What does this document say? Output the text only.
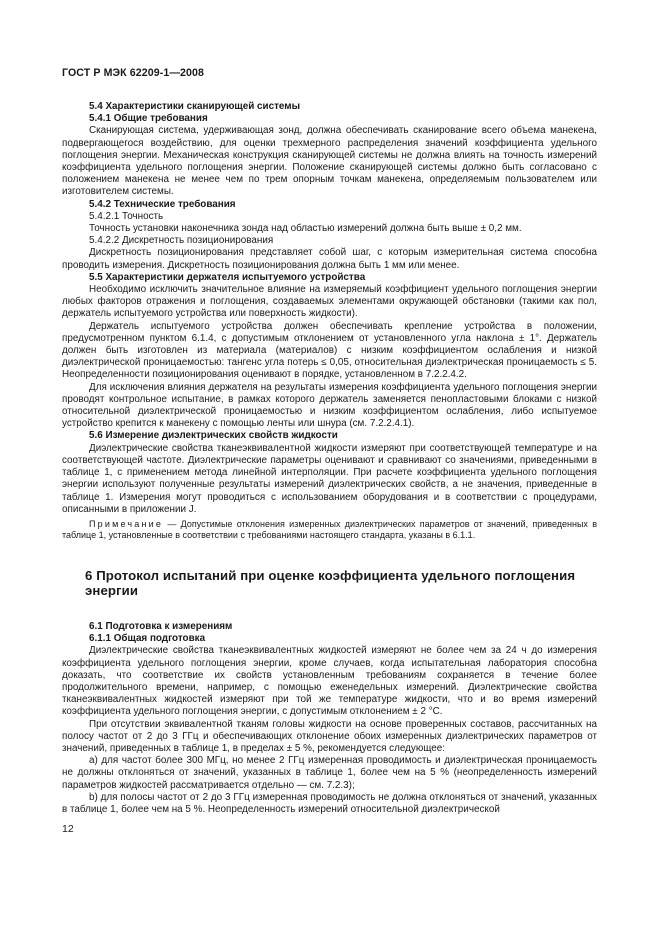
ГОСТ Р МЭК 62209-1—2008
5.4 Характеристики сканирующей системы
5.4.1 Общие требования

Сканирующая система, удерживающая зонд, должна обеспечивать сканирование всего объема манекена, подвергающегося воздействию, для оценки трехмерного распределения значений коэффициента удельного поглощения энергии. Механическая конструкция сканирующей системы не должна влиять на точность измерений коэффициента удельного поглощения энергии. Положение сканирующей системы должно быть согласовано с положением манекена не менее чем по трем опорным точкам манекена, определяемым пользователем или изготовителем системы.

5.4.2 Технические требования
5.4.2.1 Точность

Точность установки наконечника зонда над областью измерений должна быть выше ± 0,2 мм.

5.4.2.2 Дискретность позиционирования

Дискретность позиционирования представляет собой шаг, с которым измерительная система способна проводить измерения. Дискретность позиционирования должна быть 1 мм или менее.

5.5 Характеристики держателя испытуемого устройства

Необходимо исключить значительное влияние на измеряемый коэффициент удельного поглощения энергии любых факторов отражения и поглощения, создаваемых элементами окружающей обстановки (такими как пол, держатель испытуемого устройства или поверхность жидкости).

Держатель испытуемого устройства должен обеспечивать крепление устройства в положении, предусмотренном пунктом 6.1.4, с допустимым отклонением от установленного угла наклона ± 1°. Держатель должен быть изготовлен из материала (материалов) с низким коэффициентом ослабления и низкой диэлектрической проницаемостью: тангенс угла потерь ≤ 0,05, относительная диэлектрическая проницаемость ≤ 5. Неопределенности позиционирования оценивают в порядке, установленном в 7.2.2.4.2.

Для исключения влияния держателя на результаты измерения коэффициента удельного поглощения энергии проводят контрольное испытание, в рамках которого держатель заменяется пенопластовыми блоками с низкой относительной диэлектрической проницаемостью и низким коэффициентом ослабления, либо испытуемое устройство крепится к манекену с помощью ленты или шнура (см. 7.2.2.4.1).

5.6 Измерение диэлектрических свойств жидкости

Диэлектрические свойства тканеэквивалентной жидкости измеряют при соответствующей температуре и на соответствующей частоте. Диэлектрические параметры оценивают и сравнивают со значениями, приведенными в таблице 1, с применением метода линейной интерполяции. При расчете коэффициента удельного поглощения энергии используют полученные результаты измерений диэлектрических свойств, а не значения, приведенные в таблице 1. Измерения могут проводиться с использованием оборудования и в соответствии с процедурами, описанными в приложении J.

Примечание — Допустимые отклонения измеренных диэлектрических параметров от значений, приведенных в таблице 1, установленные в соответствии с требованиями настоящего стандарта, указаны в 6.1.1.

6 Протокол испытаний при оценке коэффициента удельного поглощения энергии
6.1 Подготовка к измерениям
6.1.1 Общая подготовка

Диэлектрические свойства тканеэквивалентных жидкостей измеряют не более чем за 24 ч до измерения коэффициента удельного поглощения энергии, кроме случаев, когда испытательная лаборатория способна доказать, что соответствие их свойств установленным требованиям сохраняется в течение более продолжительного времени, например, с помощью еженедельных измерений. Диэлектрические свойства тканеэквивалентных жидкостей измеряют при той же температуре жидкости, что и во время измерений коэффициента удельного поглощения энергии, с допустимым отклонением ± 2 °С.

При отсутствии эквивалентной тканям головы жидкости на основе проверенных составов, рассчитанных на полосу частот от 2 до 3 ГГц и обеспечивающих отклонение обоих измеренных диэлектрических параметров от значений, приведенных в таблице 1, в пределах ± 5 %, рекомендуется следующее:

a) для частот более 300 МГц, но менее 2 ГГц измеренная проводимость и диэлектрическая проницаемость не должны отклоняться от значений, указанных в таблице 1, более чем на 5 % (неопределенность измерений параметров жидкостей рассматривается отдельно — см. 7.2.3);

b) для полосы частот от 2 до 3 ГГц измеренная проводимость не должна отклоняться от значений, указанных в таблице 1, более чем на 5 %. Неопределенность измерений относительной диэлектрической

12
